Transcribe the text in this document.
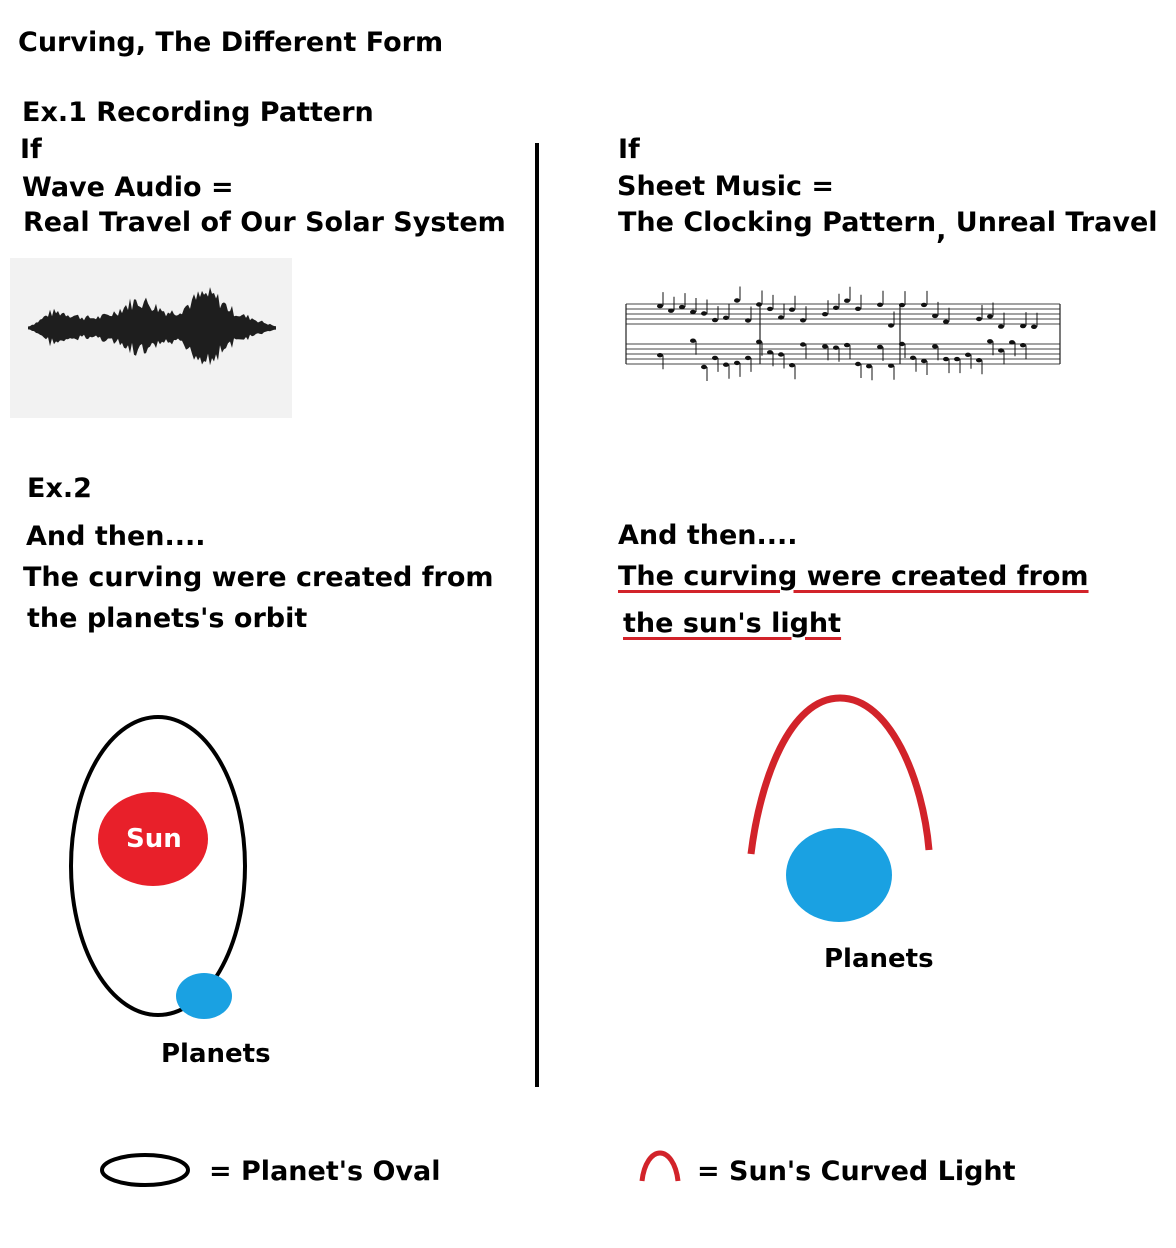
Curving, The Different Form
Ex.1 Recording Pattern
If
Wave Audio =
Real Travel of Our Solar System
Ex.2
And then....
The curving were created from
the planets's orbit
Sun
Planets
If
Sheet Music =
The Clocking Pattern, Unreal Travel
And then....
The curving were created from
the sun's light
Planets
= Planet's Oval	= Sun's Curved Light
